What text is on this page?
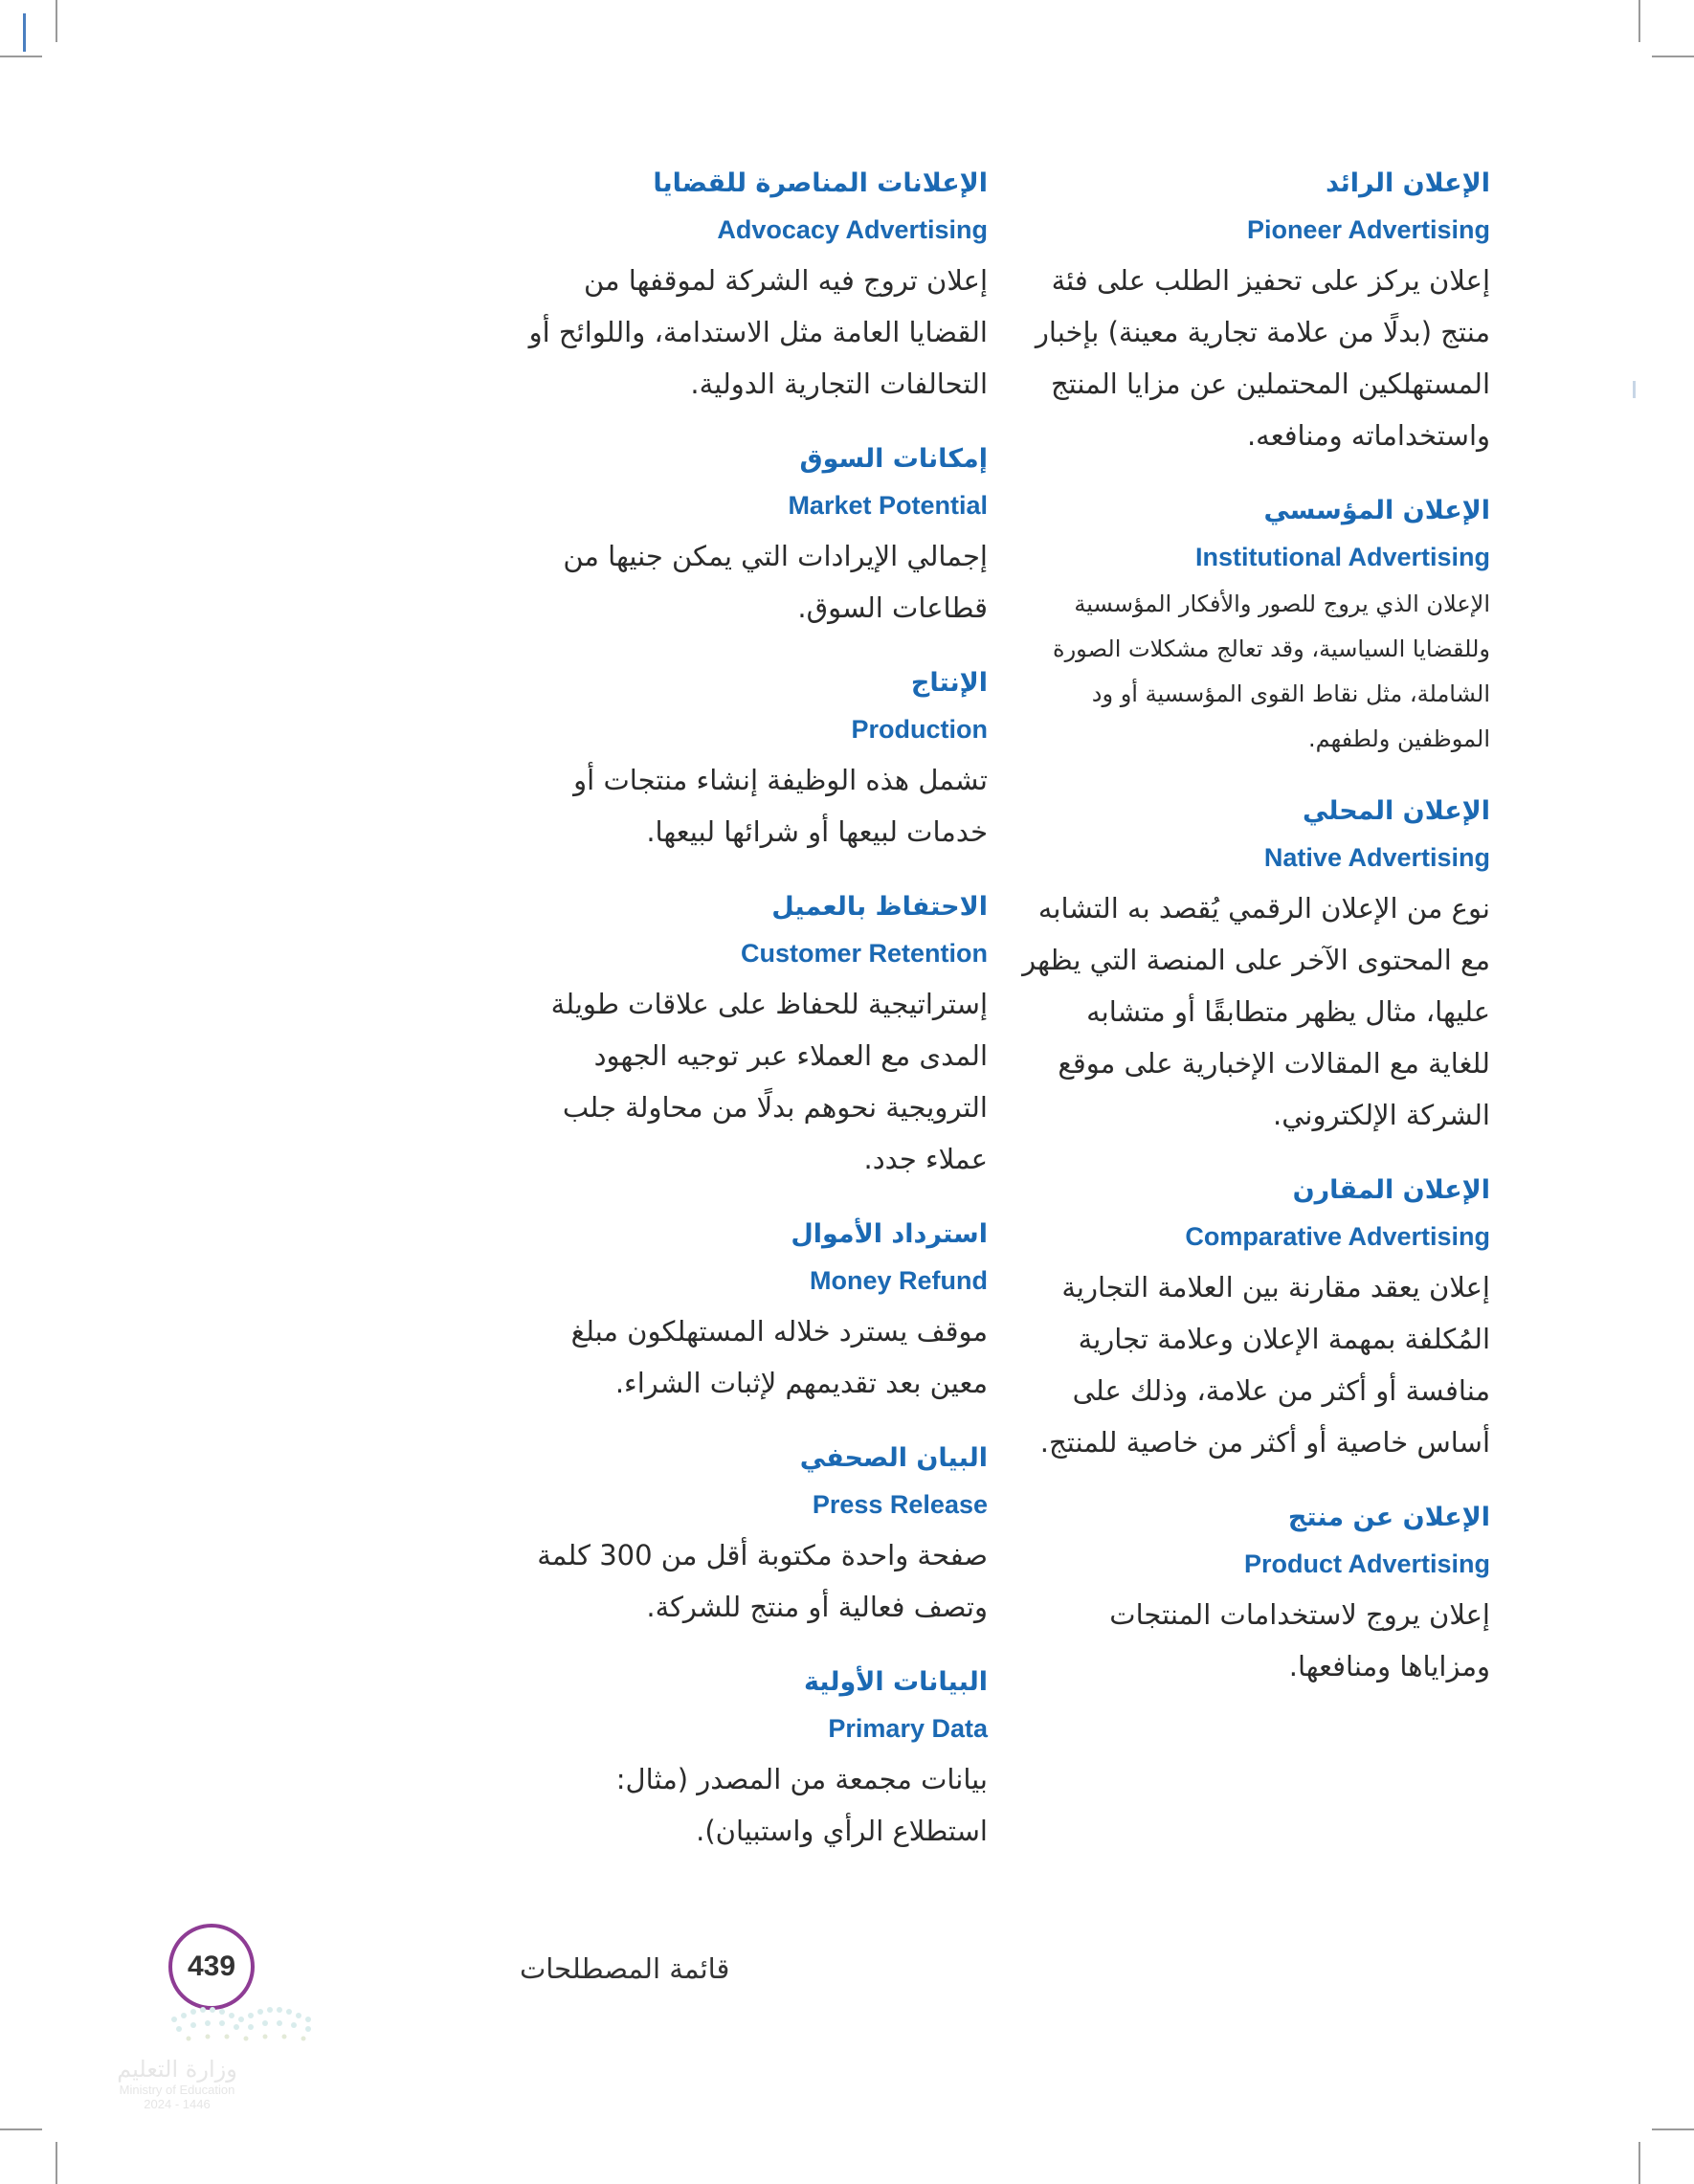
الإعلان الرائد
Pioneer Advertising
إعلان يركز على تحفيز الطلب على فئة منتج (بدلًا من علامة تجارية معينة) بإخبار المستهلكين المحتملين عن مزايا المنتج واستخداماته ومنافعه.
الإعلان المؤسسي
Institutional Advertising
الإعلان الذي يروج للصور والأفكار المؤسسية وللقضايا السياسية، وقد تعالج مشكلات الصورة الشاملة، مثل نقاط القوى المؤسسية أو ود الموظفين ولطفهم.
الإعلان المحلي
Native Advertising
نوع من الإعلان الرقمي يُقصد به التشابه مع المحتوى الآخر على المنصة التي يظهر عليها، مثال يظهر متطابقًا أو متشابه للغاية مع المقالات الإخبارية على موقع الشركة الإلكتروني.
الإعلان المقارن
Comparative Advertising
إعلان يعقد مقارنة بين العلامة التجارية المُكلفة بمهمة الإعلان وعلامة تجارية منافسة أو أكثر من علامة، وذلك على أساس خاصية أو أكثر من خاصية للمنتج.
الإعلان عن منتج
Product Advertising
إعلان يروج لاستخدامات المنتجات ومزاياها ومنافعها.
الإعلانات المناصرة للقضايا
Advocacy Advertising
إعلان تروج فيه الشركة لموقفها من القضايا العامة مثل الاستدامة، واللوائح أو التحالفات التجارية الدولية.
إمكانات السوق
Market Potential
إجمالي الإيرادات التي يمكن جنيها من قطاعات السوق.
الإنتاج
Production
تشمل هذه الوظيفة إنشاء منتجات أو خدمات لبيعها أو شرائها لبيعها.
الاحتفاظ بالعميل
Customer Retention
إستراتيجية للحفاظ على علاقات طويلة المدى مع العملاء عبر توجيه الجهود الترويجية نحوهم بدلًا من محاولة جلب عملاء جدد.
استرداد الأموال
Money Refund
موقف يسترد خلاله المستهلكون مبلغ معين بعد تقديمهم لإثبات الشراء.
البيان الصحفي
Press Release
صفحة واحدة مكتوبة أقل من 300 كلمة وتصف فعالية أو منتج للشركة.
البيانات الأولية
Primary Data
بيانات مجمعة من المصدر (مثال: استطلاع الرأي واستبيان).
قائمة المصطلحات
439
وزارة التعليم
Ministry of Education
2024 - 1446
